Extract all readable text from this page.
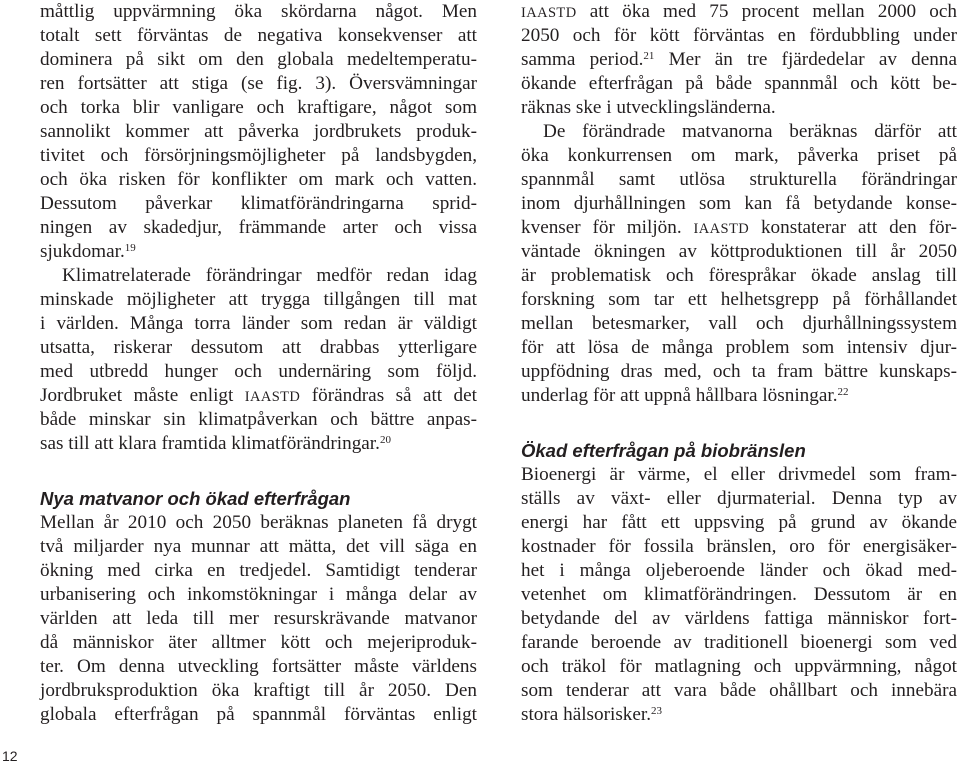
måttlig uppvärmning öka skördarna något. Men
totalt sett förväntas de negativa konsekvenser att
dominera på sikt om den globala medeltemperatu-
ren fortsätter att stiga (se fig. 3). Översvämningar
och torka blir vanligare och kraftigare, något som
sannolikt kommer att påverka jordbrukets produk-
tivitet och försörjningsmöjligheter på landsbygden,
och öka risken för konflikter om mark och vatten.
Dessutom påverkar klimatförändringarna sprid-
ningen av skadedjur, främmande arter och vissa
sjukdomar.$^{19}$
Klimatrelaterade förändringar medför redan idag
minskade möjligheter att trygga tillgången till mat
i världen. Många torra länder som redan är väldigt
utsatta, riskerar dessutom att drabbas ytterligare
med utbredd hunger och undernäring som följd.
Jordbruket måste enligt IAASTD förändras så att det
både minskar sin klimatpåverkan och bättre anpas-
sas till att klara framtida klimatförändringar.$^{20}$
Nya matvanor och ökad efterfrågan
Mellan år 2010 och 2050 beräknas planeten få drygt
två miljarder nya munnar att mätta, det vill säga en
ökning med cirka en tredjedel. Samtidigt tenderar
urbanisering och inkomstökningar i många delar av
världen att leda till mer resurskrävande matvanor
då människor äter alltmer kött och mejeriproduk-
ter. Om denna utveckling fortsätter måste världens
jordbruksproduktion öka kraftigt till år 2050. Den
globala efterfrågan på spannmål förväntas enligt
IAASTD att öka med 75 procent mellan 2000 och
2050 och för kött förväntas en fördubbling under
samma period.$^{21}$ Mer än tre fjärdedelar av denna
ökande efterfrågan på både spannmål och kött be-
räknas ske i utvecklingsländerna.
De förändrade matvanorna beräknas därför att
öka konkurrensen om mark, påverka priset på
spannmål samt utlösa strukturella förändringar
inom djurhållningen som kan få betydande konse-
kvenser för miljön. IAASTD konstaterar att den för-
väntade ökningen av köttproduktionen till år 2050
är problematisk och förespråkar ökade anslag till
forskning som tar ett helhetsgrepp på förhållandet
mellan betesmarker, vall och djurhållningssystem
för att lösa de många problem som intensiv djur-
uppfödning dras med, och ta fram bättre kunskaps-
underlag för att uppnå hållbara lösningar.$^{22}$
Ökad efterfrågan på biobränslen
Bioenergi är värme, el eller drivmedel som fram-
ställs av växt- eller djurmaterial. Denna typ av
energi har fått ett uppsving på grund av ökande
kostnader för fossila bränslen, oro för energisäker-
het i många oljeberoende länder och ökad med-
vetenhet om klimatförändringen. Dessutom är en
betydande del av världens fattiga människor fort-
farande beroende av traditionell bioenergi som ved
och träkol för matlagning och uppvärmning, något
som tenderar att vara både ohållbart och innebära
stora hälsorisker.$^{23}$
12
